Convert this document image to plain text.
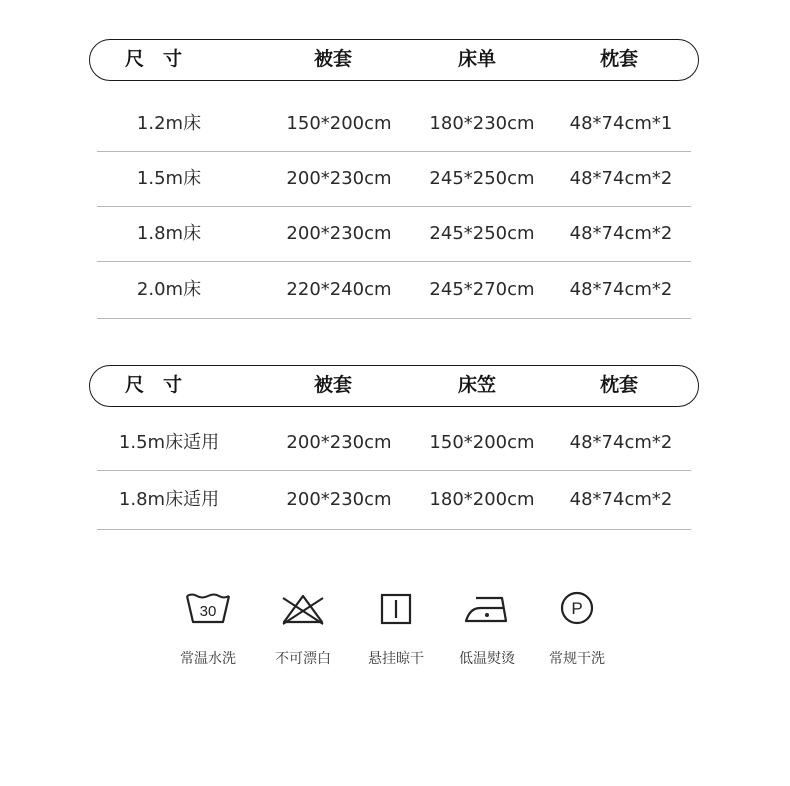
尺　寸	被套	床单	枕套
1.2m床	150*200cm 180*230cm 48*74cm*1
1.5m床	200*230cm 245*250cm 48*74cm*2
1.8m床	200*230cm 245*250cm 48*74cm*2
2.0m床	220*240cm 245*270cm 48*74cm*2
尺　寸	被套	床笠	枕套
1.5m床适用	200*230cm 150*200cm 48*74cm*2
1.8m床适用	200*230cm 180*200cm 48*74cm*2
30
常温水洗	不可漂白	悬挂晾干	低温熨烫
P
常规干洗
